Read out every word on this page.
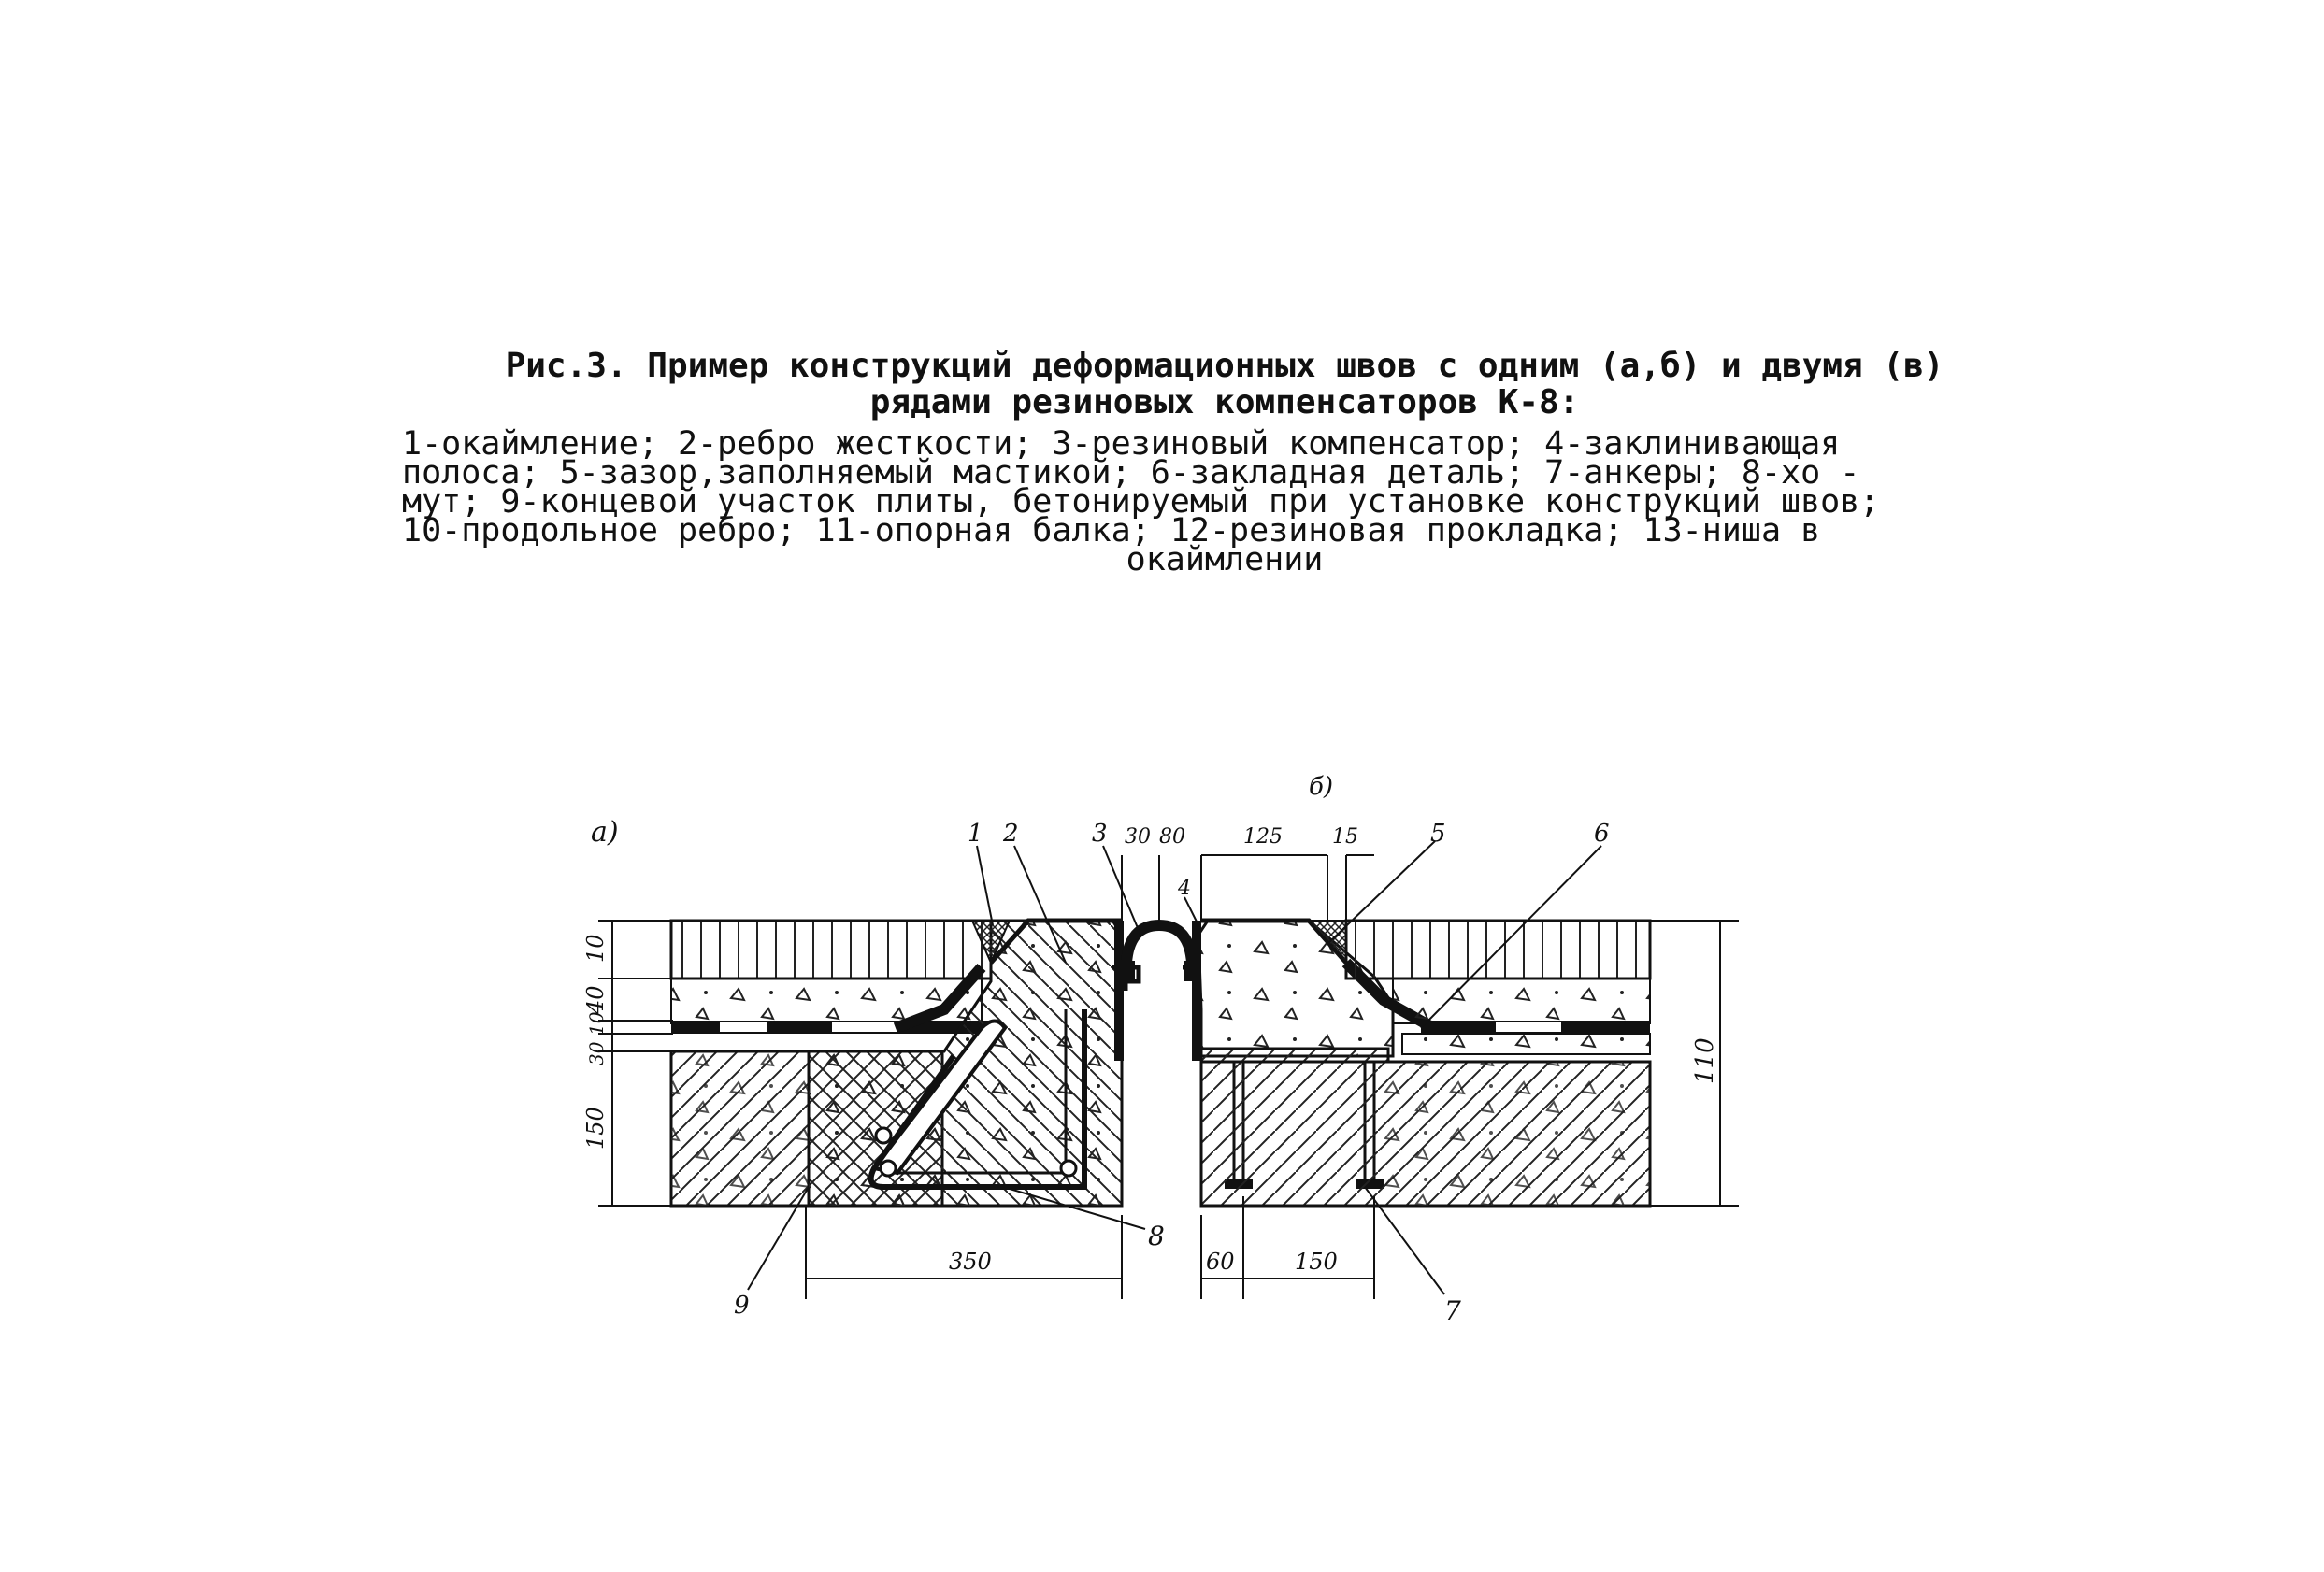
Рис.3. Пример конструкций деформационных швов с одним (а,б) и двумя (в)

рядами резиновых компенсаторов К-8:

1-окаймление; 2-ребро жесткости; 3-резиновый компенсатор; 4-заклинивающая

полоса; 5-зазор,заполняемый мастикой; 6-закладная деталь; 7-анкеры; 8-хо -

мут; 9-концевой участок плиты, бетонируемый при установке конструкций швов;

10-продольное ребро; 11-опорная балка; 12-резиновая прокладка; 13-ниша в

окаймлении

а)
б)
10
40
10
30
150
110
30 80	125 15
350	60	150
1 2	3
4
5	6
7
8
9
